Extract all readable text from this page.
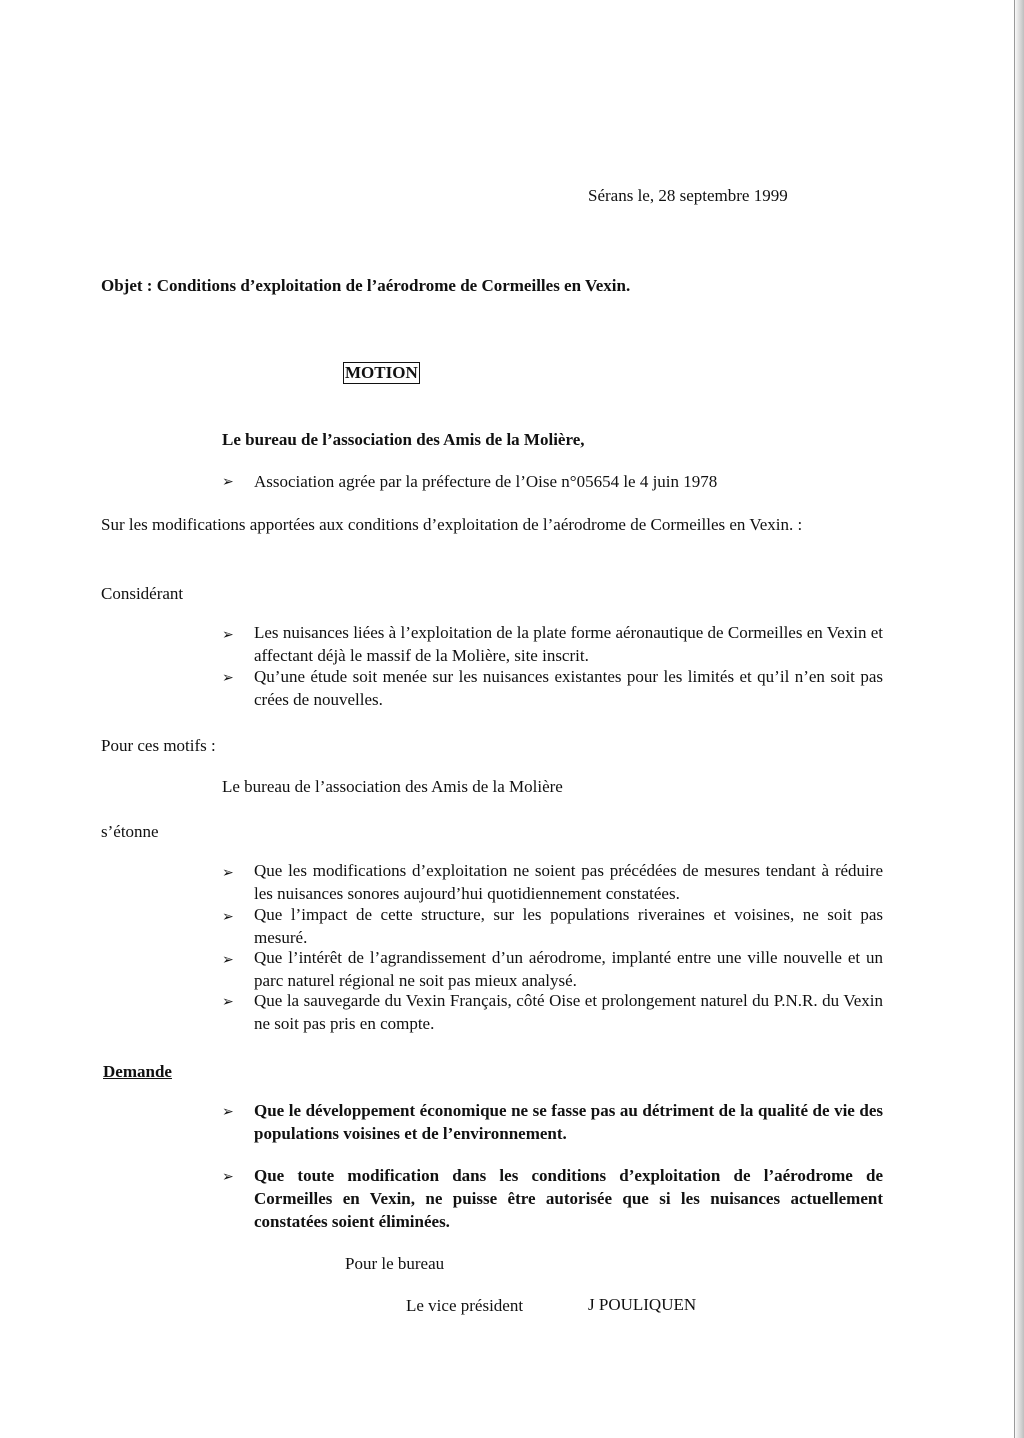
Sérans le, 28 septembre 1999
Objet : Conditions d’exploitation de l’aérodrome de Cormeilles en Vexin.
MOTION
Le bureau de l’association des Amis de la Molière,
➢ Association agrée par la préfecture de l’Oise n°05654 le 4 juin 1978
Sur les modifications apportées aux conditions d’exploitation de l’aérodrome de Cormeilles en Vexin. :
Considérant
➢ Les nuisances liées à l’exploitation de la plate forme aéronautique de Cormeilles en Vexin et affectant déjà le massif de la Molière, site inscrit.
➢ Qu’une étude soit menée sur les nuisances existantes pour les limités et qu’il n’en soit pas crées de nouvelles.
Pour ces motifs :
Le bureau de l’association des Amis de la Molière
s’étonne
➢ Que les modifications d’exploitation ne soient pas précédées de mesures tendant à réduire les nuisances sonores aujourd’hui quotidiennement constatées.
➢ Que l’impact de cette structure, sur les populations riveraines et voisines, ne soit pas mesuré.
➢ Que l’intérêt de l’agrandissement d’un aérodrome, implanté entre une ville nouvelle et un parc naturel régional ne soit pas mieux analysé.
➢ Que la sauvegarde du Vexin Français, côté Oise et prolongement naturel du P.N.R. du Vexin ne soit pas pris en compte.
Demande
➢ Que le développement économique ne se fasse pas au détriment de la qualité de vie des populations voisines et de l’environnement.
➢ Que toute modification dans les conditions d’exploitation de l’aérodrome de Cormeilles en Vexin, ne puisse être autorisée que si les nuisances actuellement constatées soient éliminées.
Pour le bureau
Le vice président	J POULIQUEN
